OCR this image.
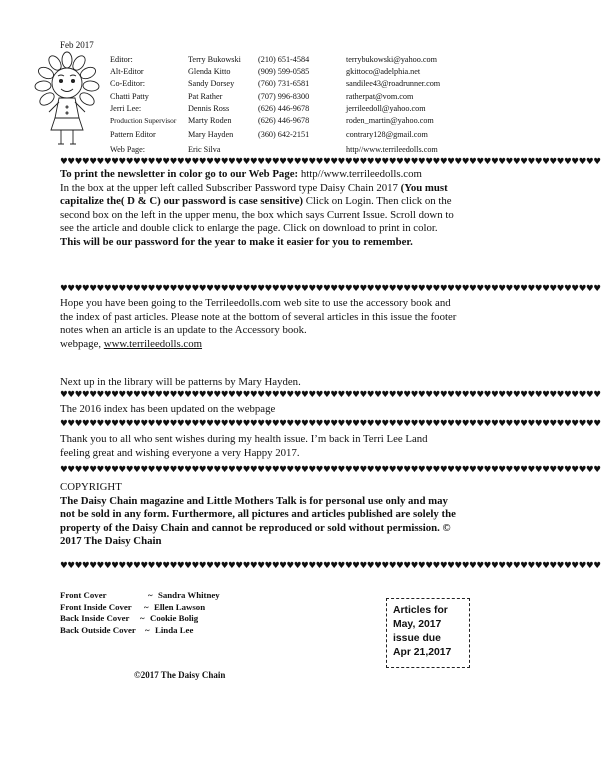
Feb 2017
Editor:	Terry Bukowski (210) 651-4584	terrybukowski@yahoo.com
Alt-Editor	Glenda Kitto	(909) 599-0585	gkittoco@adelphia.net
Co-Editor:	Sandy Dorsey	(760) 731-6581	sandilee43@roadrunner.com
Chatti Patty	Pat Rather	(707) 996-8300	ratherpat@vom.com
Jerri Lee:	Dennis Ross	(626) 446-9678	jerrileedoll@yahoo.com
Production Supervisor Marty Roden	(626) 446-9678	roden_martin@yahoo.com
Pattern Editor	Mary Hayden	(360) 642-2151	contrary128@gmail.com
Web Page:	Eric Silva	http//www.terrileedolls.com
♥♥♥♥♥♥♥♥♥♥♥♥♥♥♥♥♥♥♥♥♥♥♥♥♥♥♥♥♥♥♥♥♥♥♥♥♥♥♥♥♥♥♥♥♥♥♥♥♥♥♥♥♥♥♥♥♥♥♥♥♥♥♥♥♥♥♥♥♥♥♥♥♥♥
To print the newsletter in color go to our Web Page: http//www.terrileedolls.com
In the box at the upper left called Subscriber Password type Daisy Chain 2017 (You must capitalize the( D & C) our password is case sensitive) Click on Login. Then click on the second box on the left in the upper menu, the box which says Current Issue. Scroll down to see the article and double click to enlarge the page. Click on download to print in color. This will be our password for the year to make it easier for you to remember.
♥♥♥♥♥♥♥♥♥♥♥♥♥♥♥♥♥♥♥♥♥♥♥♥♥♥♥♥♥♥♥♥♥♥♥♥♥♥♥♥♥♥♥♥♥♥♥♥♥♥♥♥♥♥♥♥♥♥♥♥♥♥♥♥♥♥♥♥♥♥♥♥♥♥
Hope you have been going to the Terrileedolls.com web site to use the accessory book and the index of past articles. Please note at the bottom of several articles in this issue the footer notes when an article is an update to the Accessory book.
webpage, www.terrileedolls.com
Next up in the library will be patterns by Mary Hayden.
♥♥♥♥♥♥♥♥♥♥♥♥♥♥♥♥♥♥♥♥♥♥♥♥♥♥♥♥♥♥♥♥♥♥♥♥♥♥♥♥♥♥♥♥♥♥♥♥♥♥♥♥♥♥♥♥♥♥♥♥♥♥♥♥♥♥♥♥♥♥♥♥♥♥
The 2016 index has been updated on the webpage
♥♥♥♥♥♥♥♥♥♥♥♥♥♥♥♥♥♥♥♥♥♥♥♥♥♥♥♥♥♥♥♥♥♥♥♥♥♥♥♥♥♥♥♥♥♥♥♥♥♥♥♥♥♥♥♥♥♥♥♥♥♥♥♥♥♥♥♥♥♥♥♥♥♥
Thank you to all who sent wishes during my health issue. I’m back in Terri Lee Land feeling great and wishing everyone a very Happy 2017.
♥♥♥♥♥♥♥♥♥♥♥♥♥♥♥♥♥♥♥♥♥♥♥♥♥♥♥♥♥♥♥♥♥♥♥♥♥♥♥♥♥♥♥♥♥♥♥♥♥♥♥♥♥♥♥♥♥♥♥♥♥♥♥♥♥♥♥♥♥♥♥♥♥♥
COPYRIGHT
The Daisy Chain magazine and Little Mothers Talk is for personal use only and may not be sold in any form. Furthermore, all pictures and articles published are solely the property of the Daisy Chain and cannot be reproduced or sold without permission. © 2017 The Daisy Chain
♥♥♥♥♥♥♥♥♥♥♥♥♥♥♥♥♥♥♥♥♥♥♥♥♥♥♥♥♥♥♥♥♥♥♥♥♥♥♥♥♥♥♥♥♥♥♥♥♥♥♥♥♥♥♥♥♥♥♥♥♥♥♥♥♥♥♥♥♥♥♥♥♥♥
Front Cover	~ Sandra Whitney
Front Inside Cover ~ Ellen Lawson
Back Inside Cover ~ Cookie Bolig
Back Outside Cover ~ Linda Lee
Articles for
May, 2017
issue due
Apr 21,2017
©2017 The Daisy Chain
